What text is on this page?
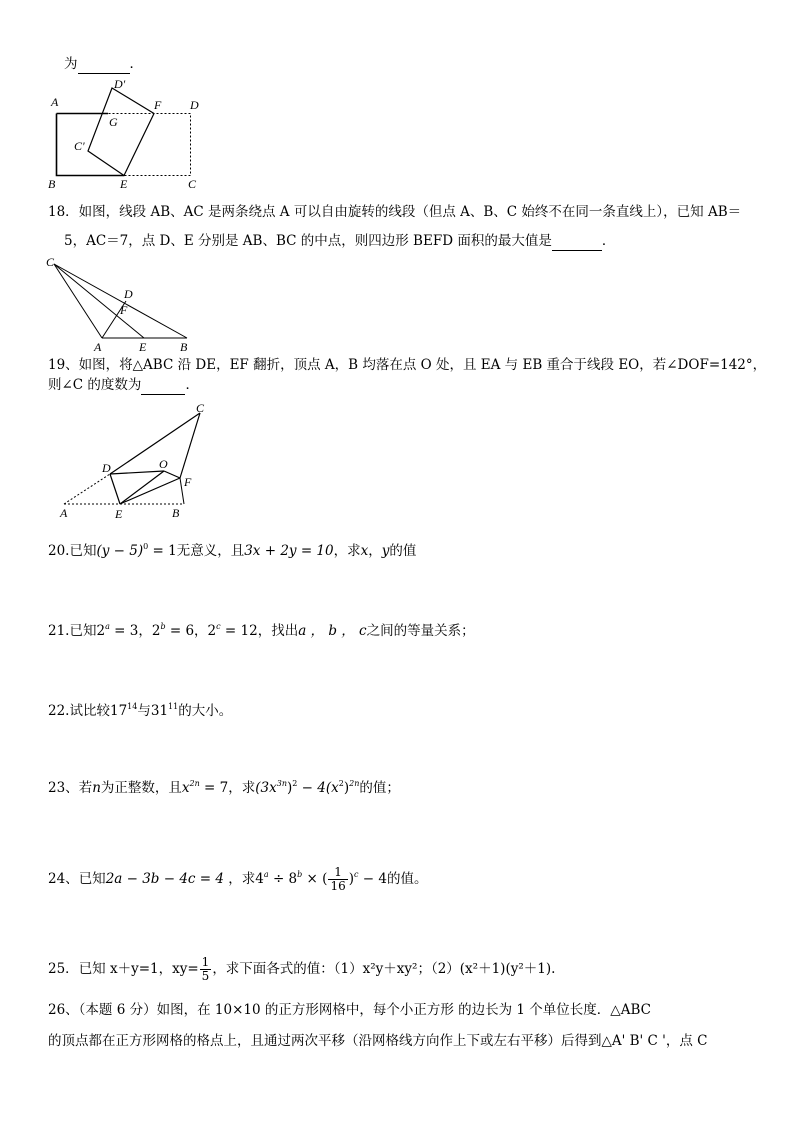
为	．
A
D'
F D
G
C'
B	E	C
18．如图，线段 AB、AC 是两条绕点 A 可以自由旋转的线段（但点 A、B、C 始终不在同一条直线上），已知 AB＝
5，AC＝7，点 D、E 分别是 AB、BC 的中点，则四边形 BEFD 面积的最大值是	．
C
D
F
A	E	B
19、如图，将△ABC 沿 DE，EF 翻折，顶点 A，B 均落在点 O 处，且 EA 与 EB 重合于线段 EO，若∠DOF=142°，
则∠C 的度数为	．
C
D	O
F
A	E	B
20.已知$(y - 5)^0 = 1$无意义，且3x + 2y = 10，求x，y的值
21.已知$2^a = 3$，$2^b = 6$，$2^c = 12$，找出a ， b ， c之间的等量关系；
22.试比较$17^{14}$与$31^{11}$的大小。
23、若n为正整数，且$x^{2n} = 7$，求$(3x^{3n})^2 - 4(x^2)^{2n}$的值；
24、已知2a − 3b − 4c = 4 ，求$4^a \div 8^b$ × ( $\frac{1}{16} )^c - 4$的值。
25．已知 x＋y=1，$xy= \frac{1}{5}$ ，求下面各式的值：（1）x²y＋xy²；（2）(x²＋1)(y²＋1).
26、（本题 6 分）如图，在 10×10 的正方形网格中，每个小正方形 的边长为 1 个单位长度．△ABC
的顶点都在正方形网格的格点上，且通过两次平移（沿网格线方向作上下或左右平移）后得到△A' B' C '，点 C
